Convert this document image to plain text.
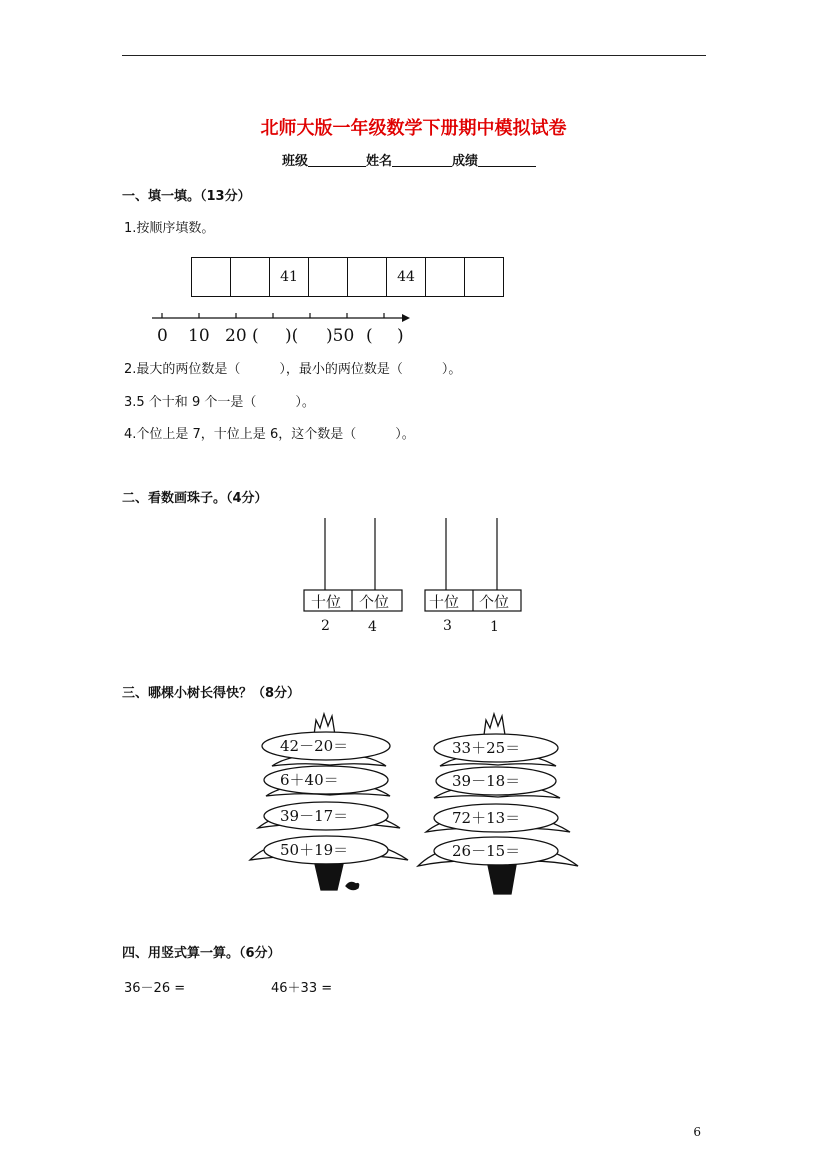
北师大版一年级数学下册期中模拟试卷
班级	姓名	成绩
一、填一填。（13分）
1.按顺序填数。
41	44
0 10 20 ( )( )50 ( )
2.最大的两位数是（　　　），最小的两位数是（　　　）。
3.5 个十和 9 个一是（　　　）。
4.个位上是 7，十位上是 6，这个数是（　　　）。
二、看数画珠子。（4分）
十位 个位
2	4
十位 个位
3	1
三、哪棵小树长得快？（8分）
42－20＝
6＋40＝
39－17＝
50＋19＝
33＋25＝
39－18＝
72＋13＝
26－15＝
四、用竖式算一算。（6分）
36－26 =	46＋33 =
6
